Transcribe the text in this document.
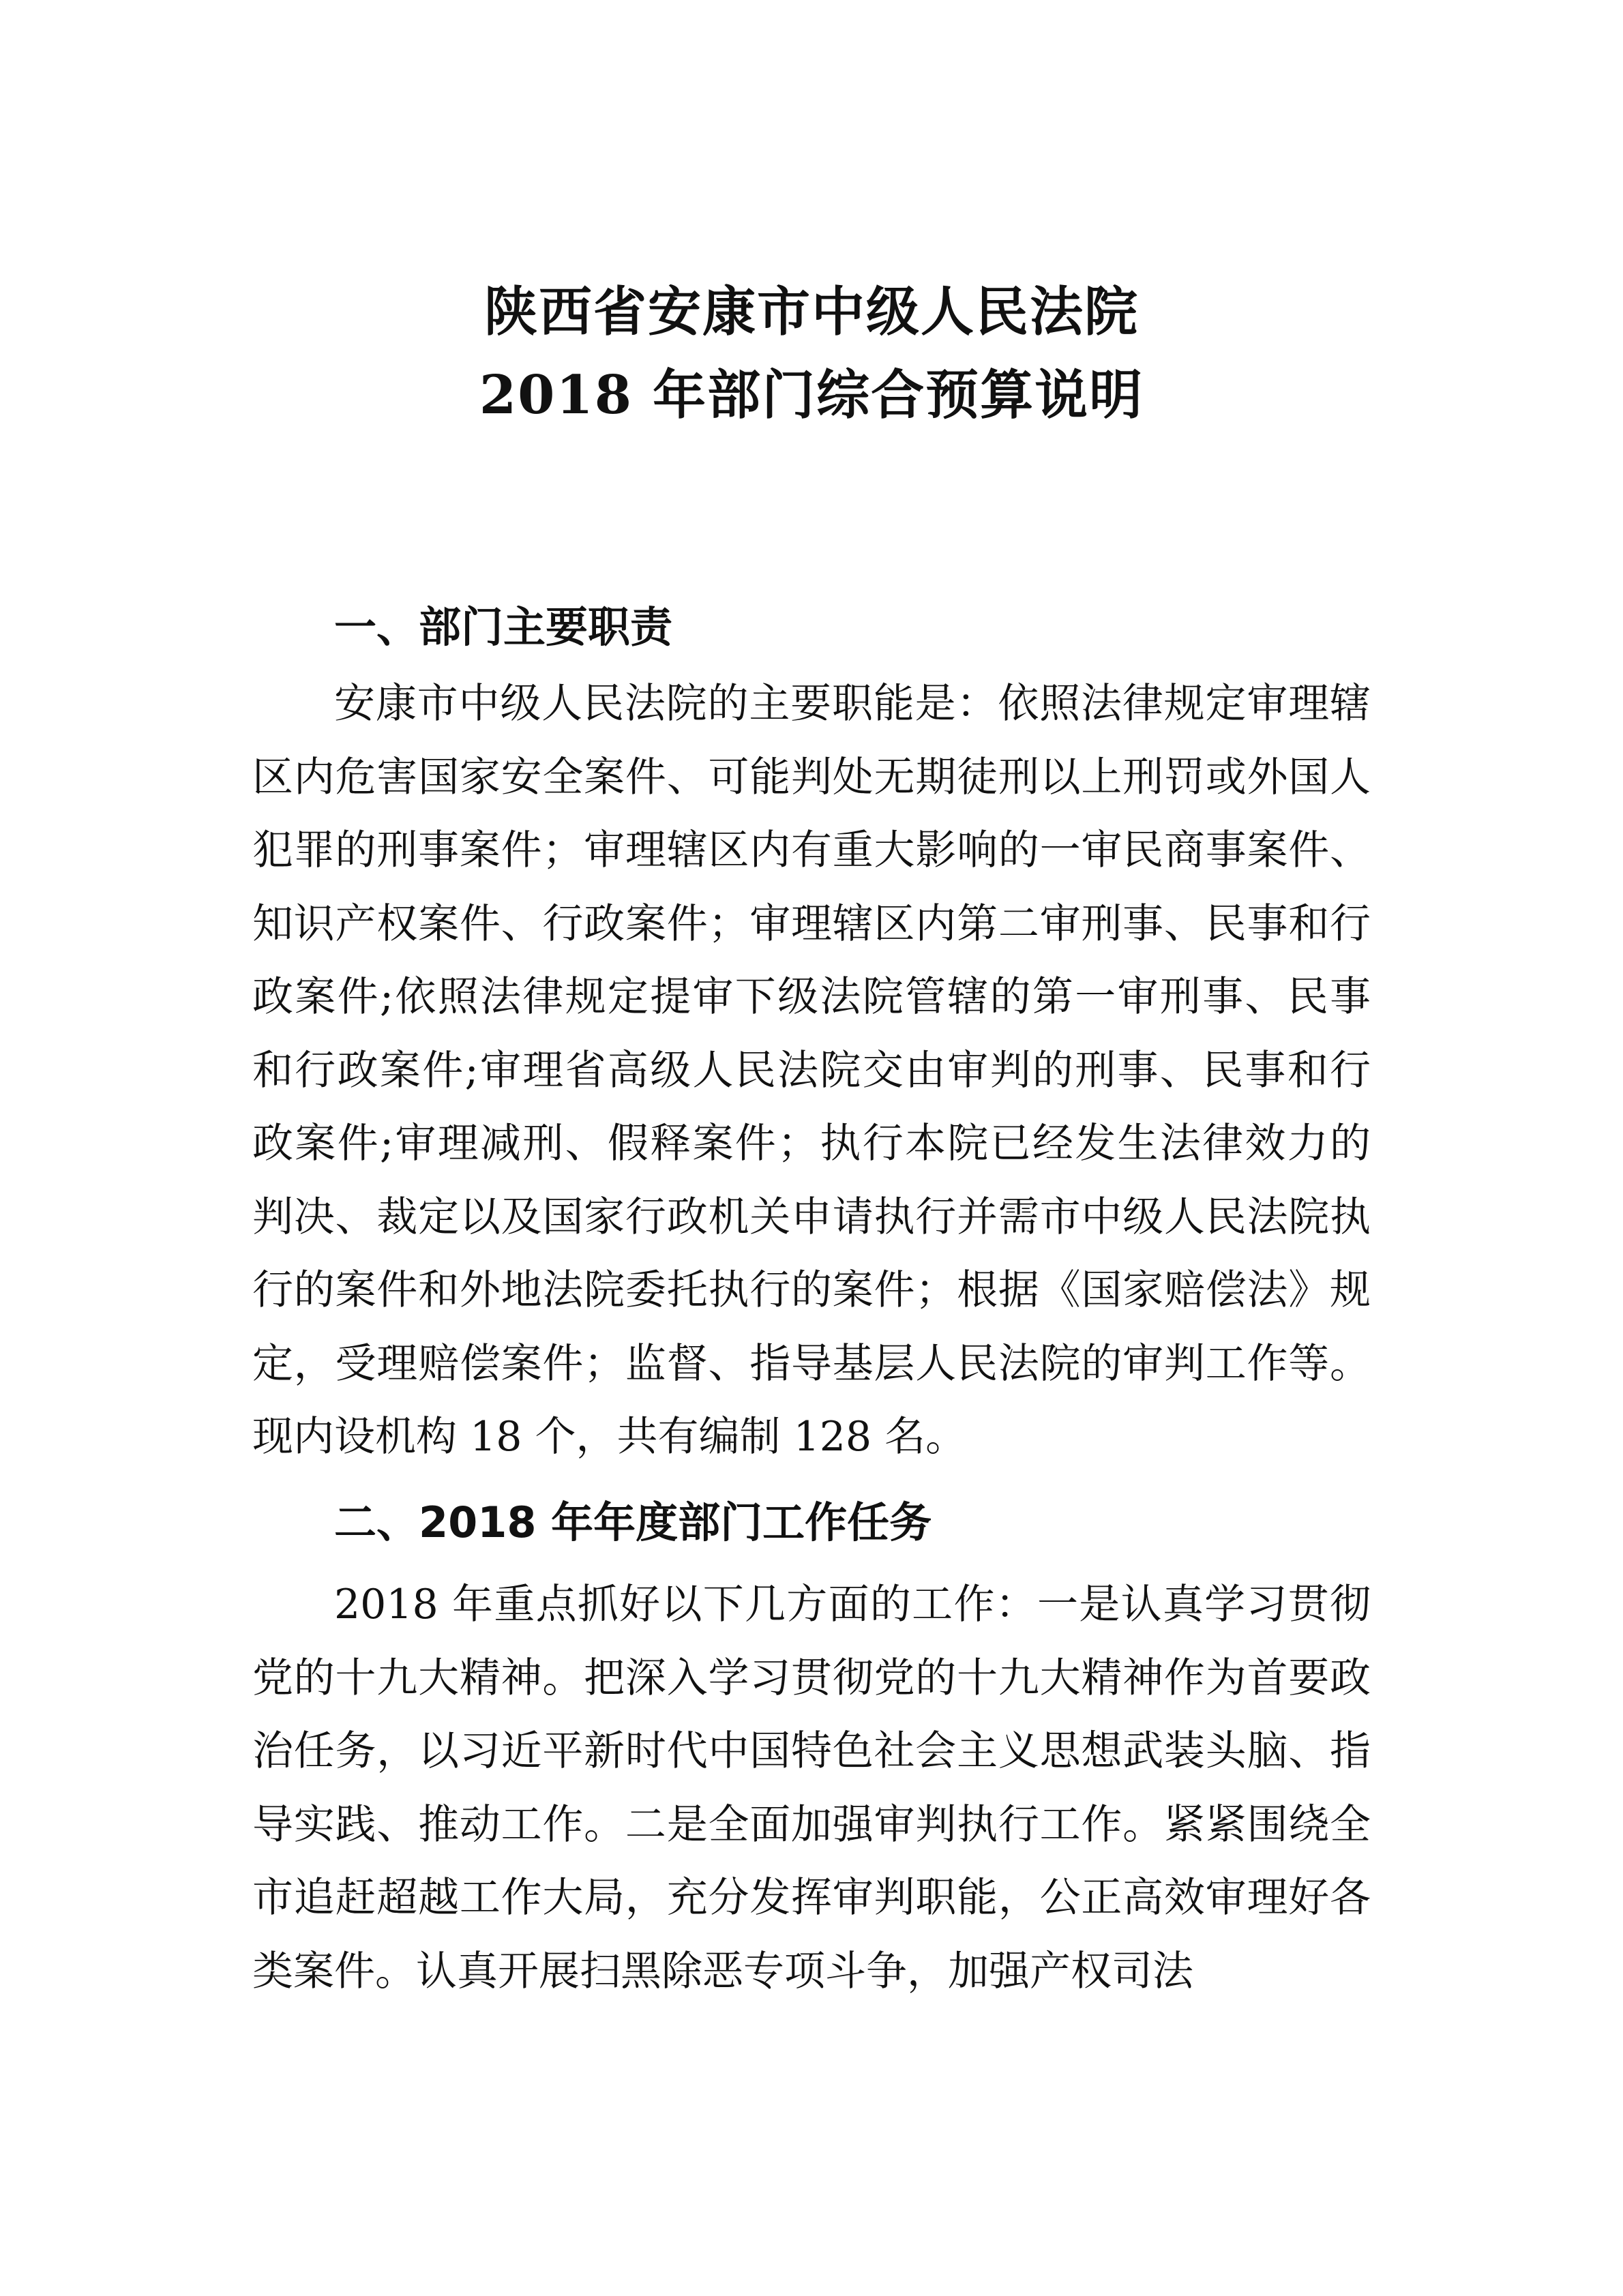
陕西省安康市中级人民法院
2018 年部门综合预算说明
一、部门主要职责

安康市中级人民法院的主要职能是：依照法律规定审理辖区内危害国家安全案件、可能判处无期徒刑以上刑罚或外国人犯罪的刑事案件；审理辖区内有重大影响的一审民商事案件、知识产权案件、行政案件；审理辖区内第二审刑事、民事和行政案件;依照法律规定提审下级法院管辖的第一审刑事、民事和行政案件;审理省高级人民法院交由审判的刑事、民事和行政案件;审理减刑、假释案件；执行本院已经发生法律效力的判决、裁定以及国家行政机关申请执行并需市中级人民法院执行的案件和外地法院委托执行的案件；根据《国家赔偿法》规定，受理赔偿案件；监督、指导基层人民法院的审判工作等。现内设机构 18 个，共有编制 128 名。

二、2018 年年度部门工作任务

2018 年重点抓好以下几方面的工作：一是认真学习贯彻党的十九大精神。把深入学习贯彻党的十九大精神作为首要政治任务，以习近平新时代中国特色社会主义思想武装头脑、指导实践、推动工作。二是全面加强审判执行工作。紧紧围绕全市追赶超越工作大局，充分发挥审判职能，公正高效审理好各类案件。认真开展扫黑除恶专项斗争，加强产权司法
